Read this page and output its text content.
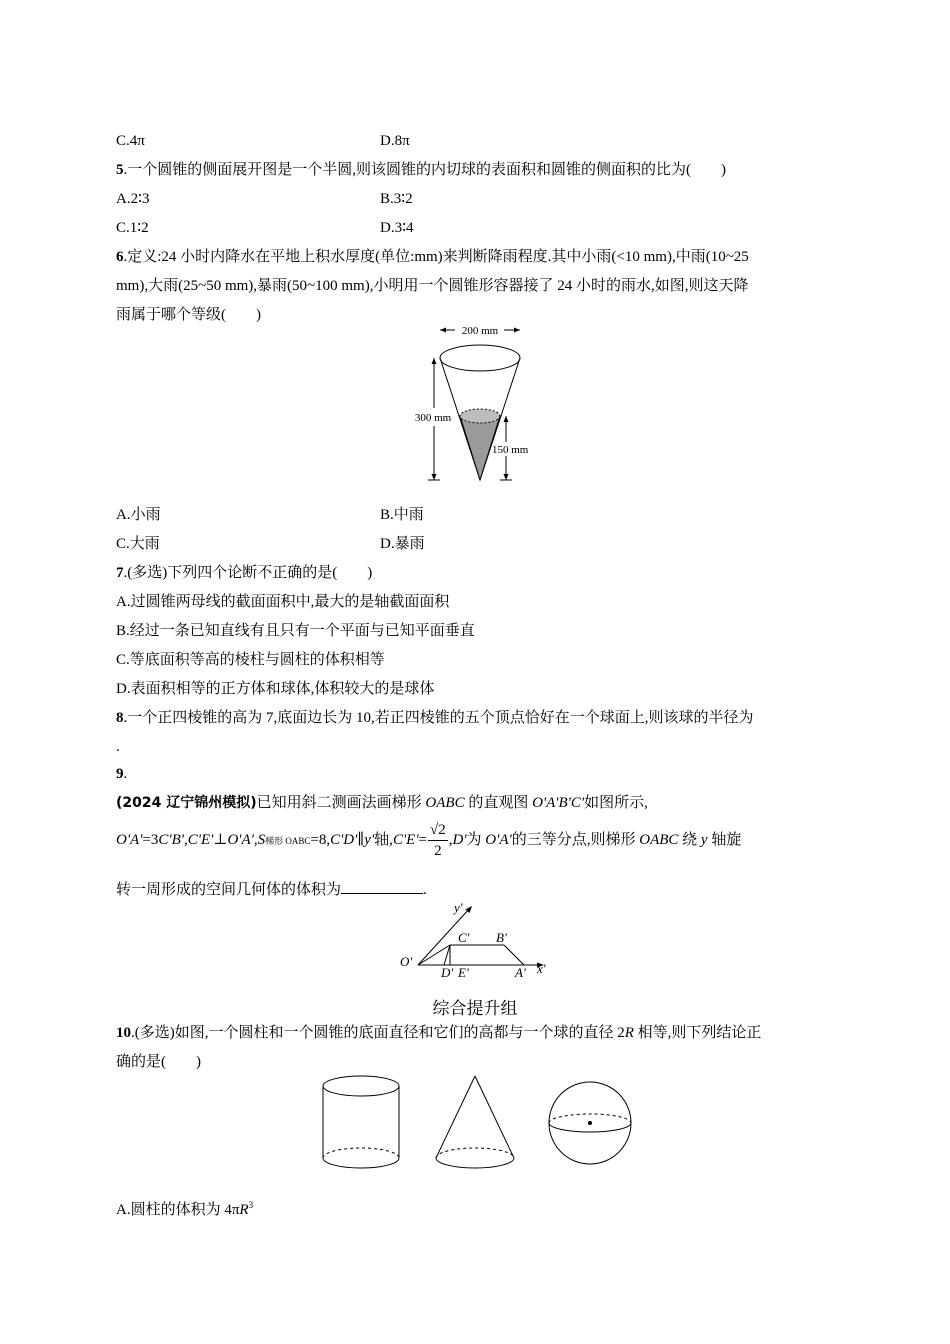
C.4π	D.8π
5.一个圆锥的侧面展开图是一个半圆,则该圆锥的内切球的表面积和圆锥的侧面积的比为(　　)
A.2∶3	B.3∶2
C.1∶2	D.3∶4
6.定义:24 小时内降水在平地上积水厚度(单位:mm)来判断降雨程度.其中小雨(<10 mm),中雨(10~25
mm),大雨(25~50 mm),暴雨(50~100 mm),小明用一个圆锥形容器接了 24 小时的雨水,如图,则这天降
雨属于哪个等级(　　)
200 mm
300 mm
150 mm
A.小雨	B.中雨
C.大雨	D.暴雨
7.(多选)下列四个论断不正确的是(　　)
A.过圆锥两母线的截面面积中,最大的是轴截面面积
B.经过一条已知直线有且只有一个平面与已知平面垂直
C.等底面积等高的棱柱与圆柱的体积相等
D.表面积相等的正方体和球体,体积较大的是球体
8.一个正四棱锥的高为 7,底面边长为 10,若正四棱锥的五个顶点恰好在一个球面上,则该球的半径为
.
9.
(2024 辽宁锦州模拟)已知用斜二测画法画梯形 OABC 的直观图 O'A'B'C'如图所示,
O'A'=3C'B',C'E'⊥O'A',S梯形 OABC=8,C'D'∥y'轴$,C'E'= \frac{√2}{2} ,D'$为 O'A'的三等分点,则梯形 OABC 绕 y 轴旋
转一周形成的空间几何体的体积为	.
y'
x'
O'
C' B'
D' E'	A'
综合提升组
10.(多选)如图,一个圆柱和一个圆锥的底面直径和它们的高都与一个球的直径 2R 相等,则下列结论正
确的是(　　)
A.圆柱的体积为 $4\pi R^3$
